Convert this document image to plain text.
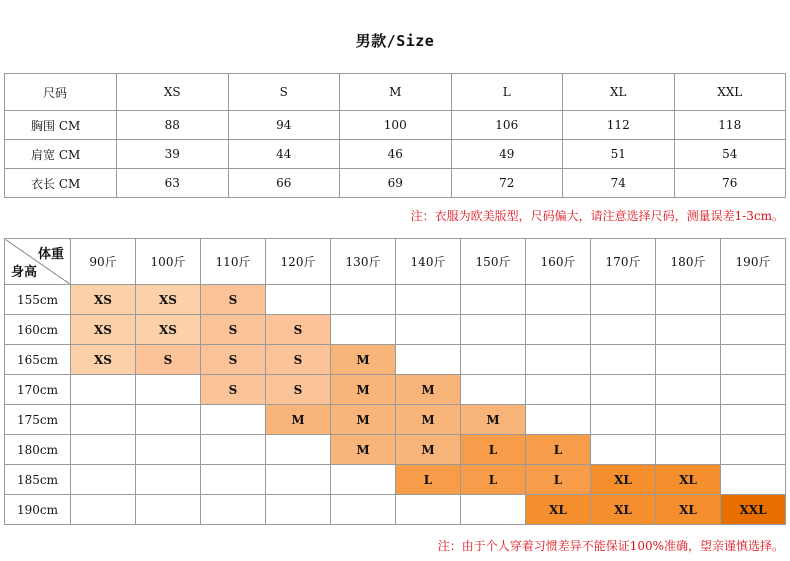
男款/Size
尺码	XS	S	M	L	XL	XXL
胸围 CM	88	94	100	106	112	118
肩宽 CM	39	44	46	49	51	54
衣长 CM	63	66	69	72	74	76
注：衣服为欧美版型，尺码偏大，请注意选择尺码，测量误差1-3cm。
体重
身高	90斤	100斤	110斤	120斤	130斤	140斤	150斤	160斤	170斤	180斤	190斤
155cm	XS	XS	S								
160cm	XS	XS	S	S							
165cm	XS	S	S	S	M						
170cm			S	S	M	M					
175cm				M	M	M	M				
180cm					M	M	L	L			
185cm						L	L	L	XL	XL	
190cm								XL	XL	XL	XXL
注：由于个人穿着习惯差异不能保证100%准确，望亲谨慎选择。
